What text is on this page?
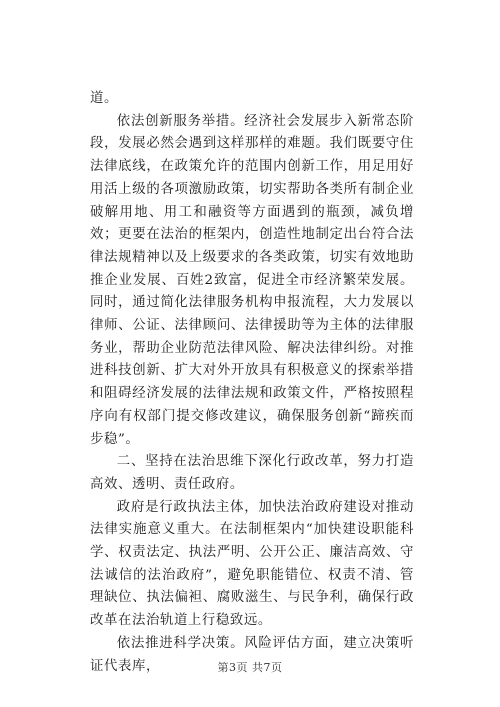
道。

依法创新服务举措。经济社会发展步入新常态阶段，发展必然会遇到这样那样的难题。我们既要守住法律底线，在政策允许的范围内创新工作，用足用好用活上级的各项激励政策，切实帮助各类所有制企业破解用地、用工和融资等方面遇到的瓶颈，减负增效；更要在法治的框架内，创造性地制定出台符合法律法规精神以及上级要求的各类政策，切实有效地助推企业发展、百姓2致富，促进全市经济繁荣发展。同时，通过简化法律服务机构申报流程，大力发展以律师、公证、法律顾问、法律援助等为主体的法律服务业，帮助企业防范法律风险、解决法律纠纷。对推进科技创新、扩大对外开放具有积极意义的探索举措和阻碍经济发展的法律法规和政策文件，严格按照程序向有权部门提交修改建议，确保服务创新“蹄疾而步稳”。

二、坚持在法治思维下深化行政改革，努力打造高效、透明、责任政府。

政府是行政执法主体，加快法治政府建设对推动法律实施意义重大。在法制框架内“加快建设职能科学、权责法定、执法严明、公开公正、廉洁高效、守法诚信的法治政府”，避免职能错位、权责不清、管理缺位、执法偏袒、腐败滋生、与民争利，确保行政改革在法治轨道上行稳致远。

依法推进科学决策。风险评估方面，建立决策听证代表库，	第3页 共7页
